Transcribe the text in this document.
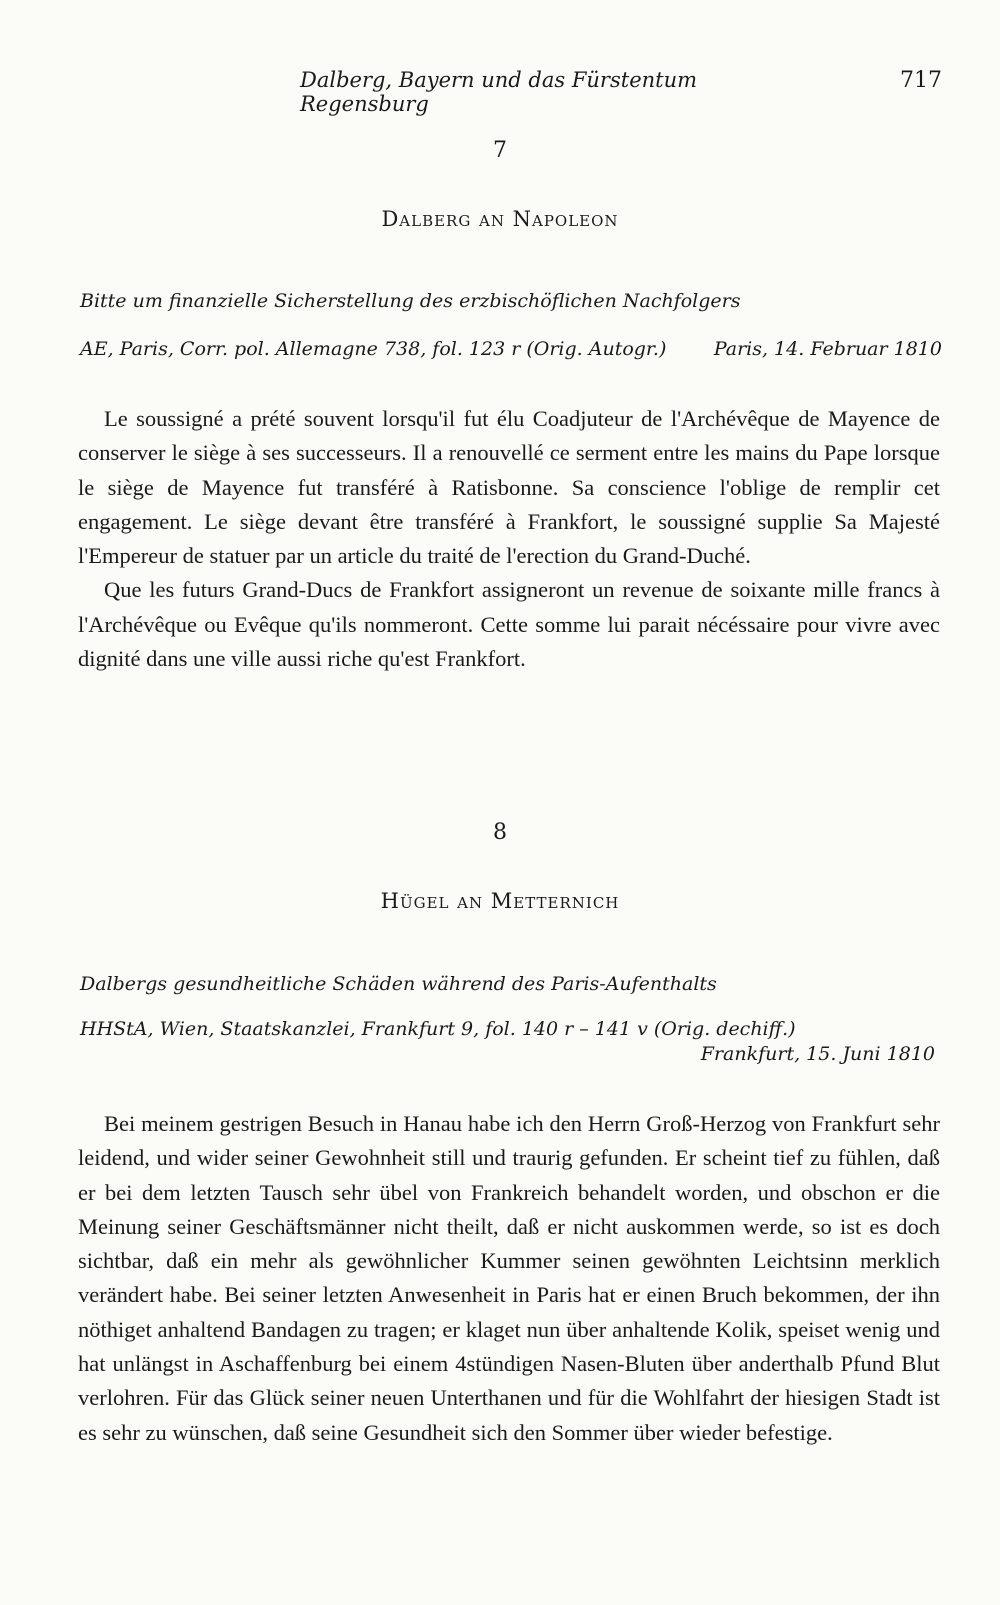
Dalberg, Bayern und das Fürstentum Regensburg
717
7
Dalberg an Napoleon
Bitte um finanzielle Sicherstellung des erzbischöflichen Nachfolgers
AE, Paris, Corr. pol. Allemagne 738, fol. 123 r (Orig. Autogr.) Paris, 14. Februar 1810

Le soussigné a prété souvent lorsqu'il fut élu Coadjuteur de l'Archévêque de Mayence de conserver le siège à ses successeurs. Il a renouvellé ce serment entre les mains du Pape lorsque le siège de Mayence fut transféré à Ratisbonne. Sa conscience l'oblige de remplir cet engagement. Le siège devant être transféré à Frankfort, le soussigné supplie Sa Majesté l'Empereur de statuer par un article du traité de l'erection du Grand-Duché.

Que les futurs Grand-Ducs de Frankfort assigneront un revenue de soixante mille francs à l'Archévêque ou Evêque qu'ils nommeront. Cette somme lui parait nécéssaire pour vivre avec dignité dans une ville aussi riche qu'est Frankfort.

8
Hügel an Metternich
Dalbergs gesundheitliche Schäden während des Paris-Aufenthalts
HHStA, Wien, Staatskanzlei, Frankfurt 9, fol. 140 r – 141 v (Orig. dechiff.)
Frankfurt, 15. Juni 1810

Bei meinem gestrigen Besuch in Hanau habe ich den Herrn Groß-Herzog von Frankfurt sehr leidend, und wider seiner Gewohnheit still und traurig gefunden. Er scheint tief zu fühlen, daß er bei dem letzten Tausch sehr übel von Frankreich behandelt worden, und obschon er die Meinung seiner Geschäftsmänner nicht theilt, daß er nicht auskommen werde, so ist es doch sichtbar, daß ein mehr als gewöhnlicher Kummer seinen gewöhnten Leichtsinn merklich verändert habe. Bei seiner letzten Anwesenheit in Paris hat er einen Bruch bekommen, der ihn nöthiget anhaltend Bandagen zu tragen; er klaget nun über anhaltende Kolik, speiset wenig und hat unlängst in Aschaffenburg bei einem 4stündigen Nasen-Bluten über anderthalb Pfund Blut verlohren. Für das Glück seiner neuen Unterthanen und für die Wohlfahrt der hiesigen Stadt ist es sehr zu wünschen, daß seine Gesundheit sich den Sommer über wieder befestige.
